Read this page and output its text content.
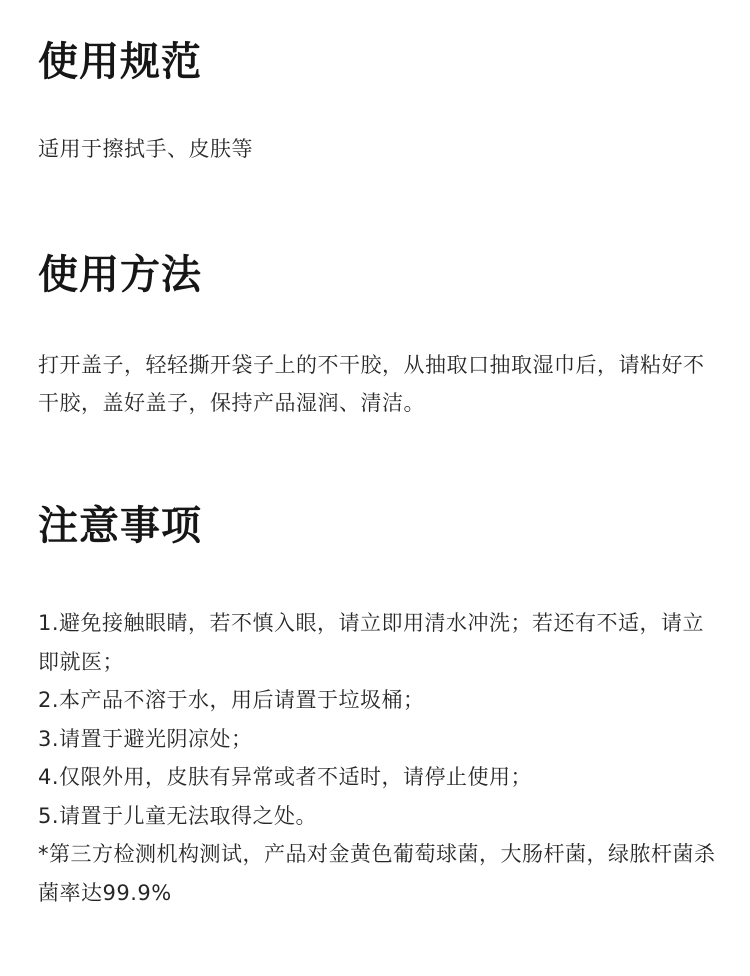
使用规范

适用于擦拭手、皮肤等

使用方法

打开盖子，轻轻撕开袋子上的不干胶，从抽取口抽取湿巾后，请粘好不干胶，盖好盖子，保持产品湿润、清洁。

注意事项
1.避免接触眼睛，若不慎入眼，请立即用清水冲洗；若还有不适，请立即就医；
2.本产品不溶于水，用后请置于垃圾桶；
3.请置于避光阴凉处；
4.仅限外用，皮肤有异常或者不适时，请停止使用；
5.请置于儿童无法取得之处。
*第三方检测机构测试，产品对金黄色葡萄球菌，大肠杆菌，绿脓杆菌杀菌率达99.9%
